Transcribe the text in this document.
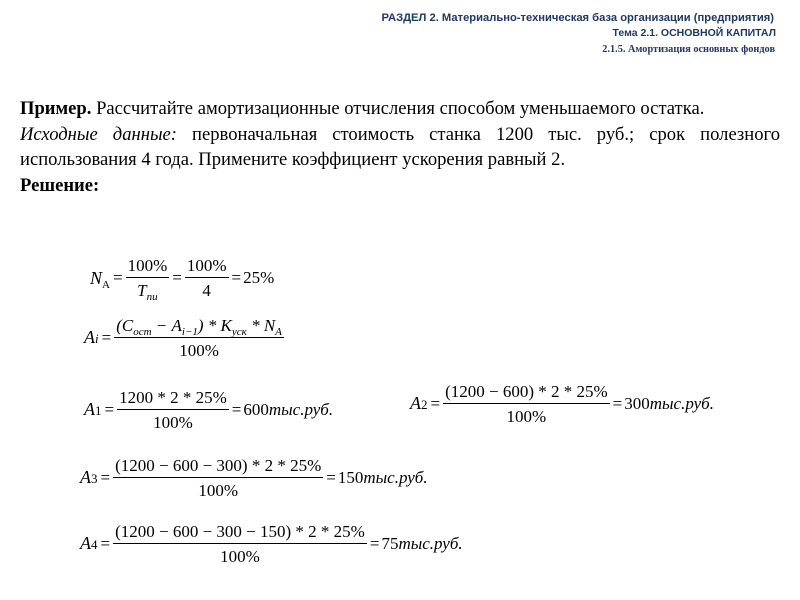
РАЗДЕЛ 2. Материально-техническая база организации (предприятия)
Тема 2.1. ОСНОВНОЙ КАПИТАЛ
2.1.5. Амортизация основных фондов

Пример. Рассчитайте амортизационные отчисления способом уменьшаемого остатка.

Исходные данные: первоначальная стоимость станка 1200 тыс. руб.; срок полезного использования 4 года. Примените коэффициент ускорения равный 2.

Решение:

$N_A = \frac{100\%}{T_{пи}} = \frac{100\%}{4} = 25\%$
$Ai = \frac{(C_{ост} - A_{i-1}) * K_{уск} * N_A}{100\%}$
$A1 = \frac{1200 * 2 * 25\%}{100\%} = 600тыс.руб$.	$A2 = \frac{(1200 - 600) * 2 * 25\%}{100\%} = 300тыс.руб$.
$A3 = \frac{(1200 - 600 - 300) * 2 * 25\%}{100\%} = 150тыс.руб$.
$A4 = \frac{(1200 - 600 - 300 - 150) * 2 * 25\%}{100\%} = 75тыс.руб$.
